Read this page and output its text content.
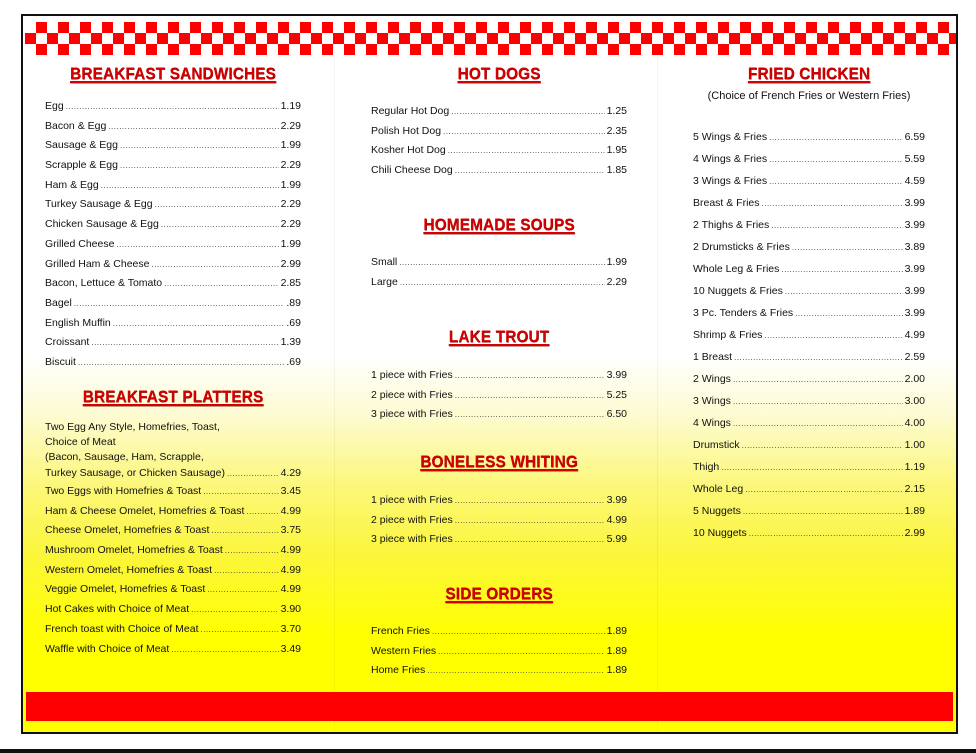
BREAKFAST SANDWICHES
Egg .....	1.19
Bacon & Egg .....	2.29
Sausage & Egg .....	1.99
Scrapple & Egg .....	2.29
Ham & Egg .....	1.99
Turkey Sausage & Egg .....	2.29
Chicken Sausage & Egg .....	2.29
Grilled Cheese .....	1.99
Grilled Ham & Cheese .....	2.99
Bacon, Lettuce & Tomato .....	2.85
Bagel .....	.89
English Muffin .....	.69
Croissant .....	1.39
Biscuit .....	.69
BREAKFAST PLATTERS
Two Egg Any Style, Homefries, Toast,
Choice of Meat
(Bacon, Sausage, Ham, Scrapple,
Turkey Sausage, or Chicken Sausage) .....	4.29
Two Eggs with Homefries & Toast .....	3.45
Ham & Cheese Omelet, Homefries & Toast .....	4.99
Cheese Omelet, Homefries & Toast .....	3.75
Mushroom Omelet, Homefries & Toast .....	4.99
Western Omelet, Homefries & Toast .....	4.99
Veggie Omelet, Homefries & Toast .....	4.99
Hot Cakes with Choice of Meat .....	3.90
French toast with Choice of Meat .....	3.70
Waffle with Choice of Meat .....	3.49
HOT DOGS
Regular Hot Dog .....	1.25
Polish Hot Dog .....	2.35
Kosher Hot Dog .....	1.95
Chili Cheese Dog .....	1.85
HOMEMADE SOUPS
Small .....	1.99
Large .....	2.29
LAKE TROUT
1 piece with Fries .....	3.99
2 piece with Fries .....	5.25
3 piece with Fries .....	6.50
BONELESS WHITING
1 piece with Fries .....	3.99
2 piece with Fries .....	4.99
3 piece with Fries .....	5.99
SIDE ORDERS
French Fries .....	1.89
Western Fries .....	1.89
Home Fries .....	1.89
FRIED CHICKEN
(Choice of French Fries or Western Fries)
5 Wings & Fries .....	6.59
4 Wings & Fries .....	5.59
3 Wings & Fries .....	4.59
Breast & Fries .....	3.99
2 Thighs & Fries .....	3.99
2 Drumsticks & Fries .....	3.89
Whole Leg & Fries .....	3.99
10 Nuggets & Fries .....	3.99
3 Pc. Tenders & Fries .....	3.99
Shrimp & Fries .....	4.99
1 Breast .....	2.59
2 Wings .....	2.00
3 Wings .....	3.00
4 Wings .....	4.00
Drumstick .....	1.00
Thigh .....	1.19
Whole Leg .....	2.15
5 Nuggets .....	1.89
10 Nuggets .....	2.99
